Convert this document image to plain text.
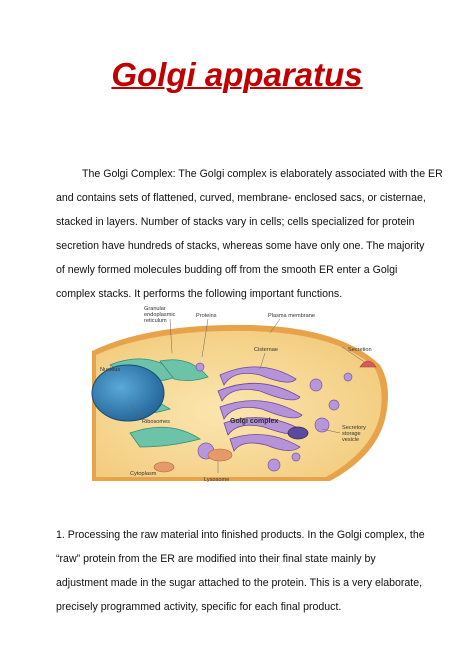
Golgi apparatus

The Golgi Complex: The Golgi complex is elaborately associated with the ER
and contains sets of flattened, curved, membrane- enclosed sacs, or cisternae,
stacked in layers. Number of stacks vary in cells; cells specialized for protein
secretion have hundreds of stacks, whereas some have only one. The majority
of newly formed molecules budding off from the smooth ER enter a Golgi
complex stacks. It performs the following important functions.

Granular
endoplasmic
reticulum
Proteins	Plasma membrane
Secretion
Nucleus
Cisternae
Ribosomes	Golgi complex
Secretory
storage
vesicle
Cytoplasm
Lysosome

1. Processing the raw material into finished products. In the Golgi complex, the
“raw” protein from the ER are modified into their final state mainly by
adjustment made in the sugar attached to the protein. This is a very elaborate,
precisely programmed activity, specific for each final product.
